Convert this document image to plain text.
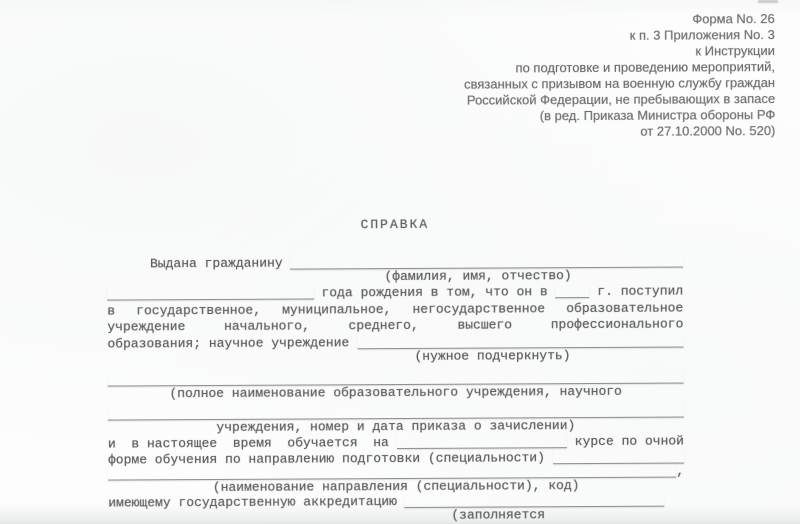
Форма No. 26
к п. 3 Приложения No. 3
к Инструкции
по подготовке и проведению мероприятий,
связанных с призывом на военную службу граждан
Российской Федерации, не пребывающих в запасе
(в ред. Приказа Министра обороны РФ
от 27.10.2000 No. 520)
СПРАВКА
Выдана гражданину
(фамилия, имя, отчество)
года рождения в том, что он в	г. поступил
в государственное, муниципальное, негосударственное образовательное
учреждение начального, среднего, высшего профессионального
образования; научное учреждение
(нужное подчеркнуть)
(полное наименование образовательного учреждения, научного
учреждения, номер и дата приказа о зачислении)
и  в настоящее  время  обучается  на	курсе по очной
форме обучения по направлению подготовки (специальности)
,
(наименование направления (специальности), код)
имеющему государственную аккредитацию
(заполняется
